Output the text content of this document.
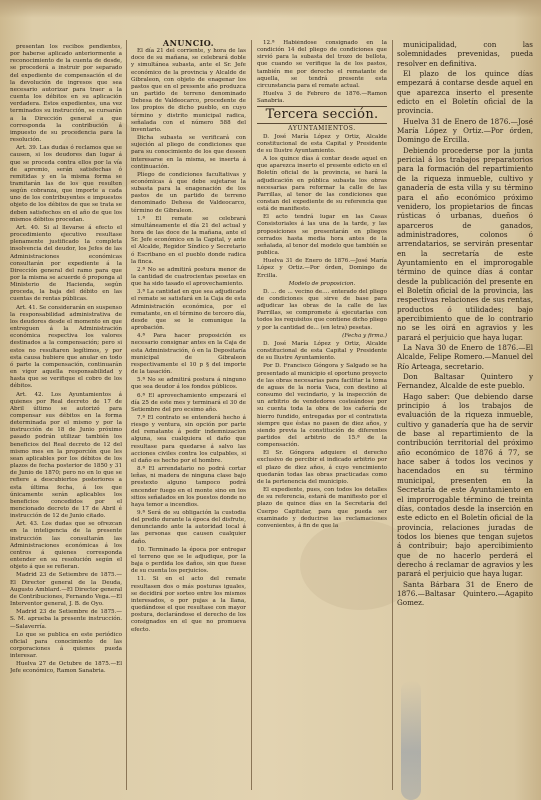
presentan los recibos pendientes, por haberse aplicado anteriormente a reconocimiento de la cuenta de desde, se procederá a instruir por separado del expediente de compensación el de la devolución de ingresos que sea necesario autorizar para traer a la cuenta los débitos en su aplicación verdadera. Estos expedientes, una vez terminados su instrucción, se cursarán a la Dirección general a que corresponda la contribución á impuesto de su procedencia para la resolución.

Art. 39. Las dudas ó reclamos que se causen, si los deudores dan lugar á que se proceda contra ellos por la vía de apremio, serán satisfechas ó remitidas y en la misma forma se tramitarán las de los que resulten según cobranza, que importe a cada uno de los contribuyentes e impuestos objeto de los débitos de que se trata se deben satisfechos en el año de que los mismos débitos procedan.

Art. 40. Si al llevarse á efecto el procedimiento ejecutivo resultase plenamente justificado la completa insolvencia del deudor, los Jefes de las Administraciones económicas consultarán por expediente á la Dirección general del ramo para que por la misma se acuerde ó proponga al Ministerio de Hacienda, según proceda, la baja del débito en las cuentas de rentas públicas.

Art. 41. Se considerarán en suspenso la responsabilidad administrativa de los deudores desde el momento en que entreguen á la Administración económica respectiva los valores destinados a la compensación; pero si estos no resultaren legítimos, y por esta causa hubiere que anular en todo ó parte la compensación, continuarán en vigor aquella responsabilidad y hasta que se verifique el cobro de los débitos.

Art. 42. Los Ayuntamientos á quienes por Real decreto de 17 de Abril último se autorizó para compensar sus débitos en la forma determinada por el mismo y por la instrucción de 18 de Junio próximo pasado podrán utilizar también los beneficios del Real decreto de 12 del mismo mes en la proporción que les sean aplicables por los débitos de los plazos de fecha posterior de 1850 y 31 de Junio de 1870; pero no en lo que se refiere a descubiertos posteriores a esta última fecha, á los que únicamente serán aplicables los beneficios concedidos por el mencionado decreto de 17 de Abril é instrucción de 12 de Junio citado.

Art. 43. Los dudas que se ofrezcan en la inteligencia de la presente instrucción las consultarán las Administraciones económicas á los centros á quienes corresponda entender en su resolución según el objeto á que se refieran.

Madrid 23 de Setiembre de 1875.—El Director general de la Deuda, Augusto Amblard.—El Director general de Contribuciones, Fernando Vega.—El Interventor general, J. B. de Oyo.

Madrid 23 de Setiembre de 1875.—S. M. aprueba la presente instrucción.—Salaverría.

Lo que se publica en este periódico oficial para conocimiento de las corporaciones á quienes pueda interesar.

Huelva 27 de Octubre de 1875.—El Jefe económico, Ramon Sanabria.

ANUNCIO.

El día 21 del corriente, y hora de las doce de su mañana, se celebrará doble y simultánea subasta, ante el Sr. Jefe económico de la provincia y Alcalde de Gibraleon, con objeto de enagenar los pastos que en el presente año produzca un partido de terreno denominado Dehesa de Valdeocarco, procedente de los propios de dicho pueblo, en cuyo término y distrito municipal radica, señalada con el número 588 del inventario.

Dicha subasta se verificará con sujeción al pliego de condiciones que para su conocimiento de los que deseen interesarse en la misma, se inserta á continuación.

Pliego de condiciones facultativas y económicas á que debe sujetarse la subasta para la enagenación de los pastos de un partido de terreno denominado Dehesa de Valdeocarco, término de Gibraleon.

1.ª El remate se celebrará simultáneamente el día 21 del actual y hora de las doce de la mañana, ante el Sr. Jefe económico en la Capital, y ante el Alcalde, Regidor Síndico y Secretario ó Escribano en el pueblo donde radica la finca.

2.ª No se admitirá postura menor de la cantidad de cuatrocientas pesetas en que ha sido tasado el aprovechamiento.

3.ª La cantidad en que sea adjudicado el remate se satisfará en la Caja de esta Administración económica, por el rematante, en el término de tercero día, desde que se le comunique la aprobación.

4.ª Para hacer proposición es necesario consignar antes en la Caja de esta Administración, ó en la Depositaría municipal de Gibraleon respectivamente el 10 p § del importe de la tasación.

5.ª No se admitirá postura á ninguno que sea deudor á los fondos públicos.

6.ª El aprovechamiento empezará el día 25 de este mes y terminará el 30 de Setiembre del pro ecsimo año.

7.ª El contrato se entenderá hecho á riesgo y ventura, sin opción por parte del rematante á pedir indemnizacion alguna, sea cualquiera el daño que resultase para quedarse á salvo las acciones civiles contra los culpables, si el daño es hecho por el hombre.

8.ª El arrendatario no podrá cortar leñas, ni madera de ninguna clase bajo prestexto alguno tampoco podrá encender fuego en el monte sino en los sitios señalados en los puestos donde no haya temor a incendios.

9.ª Será de su obligación la custodia del predio durante la época del disfrute, denunciando ante la autoridad local á las personas que causen cualquier daño.

10. Terminado la época por entregar el terreno que se le adjudique, por la baja o perdida los daños, sin que fuese de su cuenta los perjuicios.

11. Si en el acto del remate resultasen dos o más posturas iguales, se decidirá por sorteo entre los mismos interesados, o por pujas a la llana, quedándose el que resultase con mayor postura, declarándose el derecho de los consignados en el que no promueva efecto.

12.ª Habiéndose consignado en la condición 14 del pliego de condiciones que sirvió para la subasta del trozo de bellota, que cuando se verifique la de los pastos, también me por derecho el rematante de aquella, se tendrá presente esta circunstancia para el remate actual.

Huelva 3 de Febrero de 1876.—Ramon Sanabria.

Tercera sección.

AYUNTAMIENTOS.

D. José María López y Ortiz, Alcalde constitucional de esta Capital y Presidente de su Ilustre Ayuntamiento.

A los quince días á contar desde aquel en que aparezca inserto el presente edicto en el Boletín oficial de la provincia, se hará la adjudicación en pública subasta los obras necesarias para reformar la calle de las Parrillas, al tenor de las condiciones que constan del expediente de su referencia que está de manifiesto.

El acto tendrá lugar en las Casas Consistoriales á las una de la tarde, y las proposiciones se presentarán en pliegos cerrados hasta media hora antes de la señalada, al tenor del modelo que también se publica.

Huelva 31 de Enero de 1876.—José María López y Ortiz.—Por órden, Domingo de Ercilla.

Modelo de proposicion.

D. ... de ... vecino de.... enterado del pliego de condiciones que sirve de base para adjudicar las obras de la calle de las Parrillas, se compromete á ejecutarlas con todos los requisitos que contiene dicho pliego y por la cantidad de... (en letra) pesetas.

(Fecha y firma.)

D. José María López y Ortiz, Alcalde constitucional de esta Capital y Presidente de su Ilustre Ayuntamiento.

Por D. Francisco Góngora y Salgado se ha presentado al municipio el oportuno proyecto de las obras necesarias para facilitar la toma de aguas de la noria Vaca, con destino al consumo del vecindario, y la inspección de un arbitrio de vendedores costeándose por su cuenta toda la obra de los cañería de hierro fundido, entregadas por el contratista siempre que éstas no pasen de diez años, y siendo previa la constitución de diferentes partidos del arbitrio de 15.ª de la compensación.

El Sr. Góngora adquiere el derecho exclusivo de percibir el indicado arbitrio por el plazo de diez años, á cuyo vencimiento quedarán todas las obras practicadas como de la pertenencia del municipio.

El expediente, pues, con todos los detalles de su referencia, estará de manifiesto por el plazo de quince días en la Secretaría del Cuerpo Capitular, para que pueda ser examinado y deducirse las reclamaciones convenientes, á fin de que la

municipalidad, con las solemnidades prevenidas, pueda resolver en definitiva.

El plazo de los quince días empezará á contarse desde aquel en que aparezca inserto el presente edicto en el Boletín oficial de la provincia.

Huelva 31 de Enero de 1876.—José María López y Ortiz.—Por órden, Domingo de Ercilla.

Debiendo procederse por la junta pericial á los trabajos preparatorios para la formación del repartimiento de la riqueza inmueble, cultivo y ganadería de esta villa y su término para el año económico próximo venidero, los propietarios de fincas rústicas ó urbanas, dueños ó aparceros de ganados, administradores, colonos ó arrendatarios, se servirán presentar en la secretaría de este Ayuntamiento en el improrogable término de quince días á contar desde la publicación del presente en el Boletín oficial de la provincia, las respectivas relaciones de sus rentas, productos ó utilidades; bajo apercibimiento que de lo contrario no se les oirá en agravios y les parará el perjuicio que haya lugar.

La Nava 30 de Enero de 1876.—El Alcalde, Felipe Romero.—Manuel del Río Arteaga, secretario.

Don Baltasar Quintero y Fernandez, Alcalde de este pueblo.

Hago saber: Que debiendo darse principio á los trabajos de evaluación de la riqueza inmueble, cultivo y ganadería que ha de servir de base al repartimiento de la contribución territorial del próximo año económico de 1876 á 77, se hace saber á todos los vecinos y hacendados en su término municipal, presenten en la Secretaría de este Ayuntamiento en el improrrogable término de treinta días, contados desde la inserción en este edicto en el Boletín oficial de la provincia, relaciones juradas de todos los bienes que tengan sujetos á contribuir; bajo apercibimiento que de no hacerlo perderá el derecho á reclamar de agravios y les parará el perjuicio que haya lugar.

Santa Bárbara 31 de Enero de 1876.—Baltasar Quintero.—Agapito Gomez.
